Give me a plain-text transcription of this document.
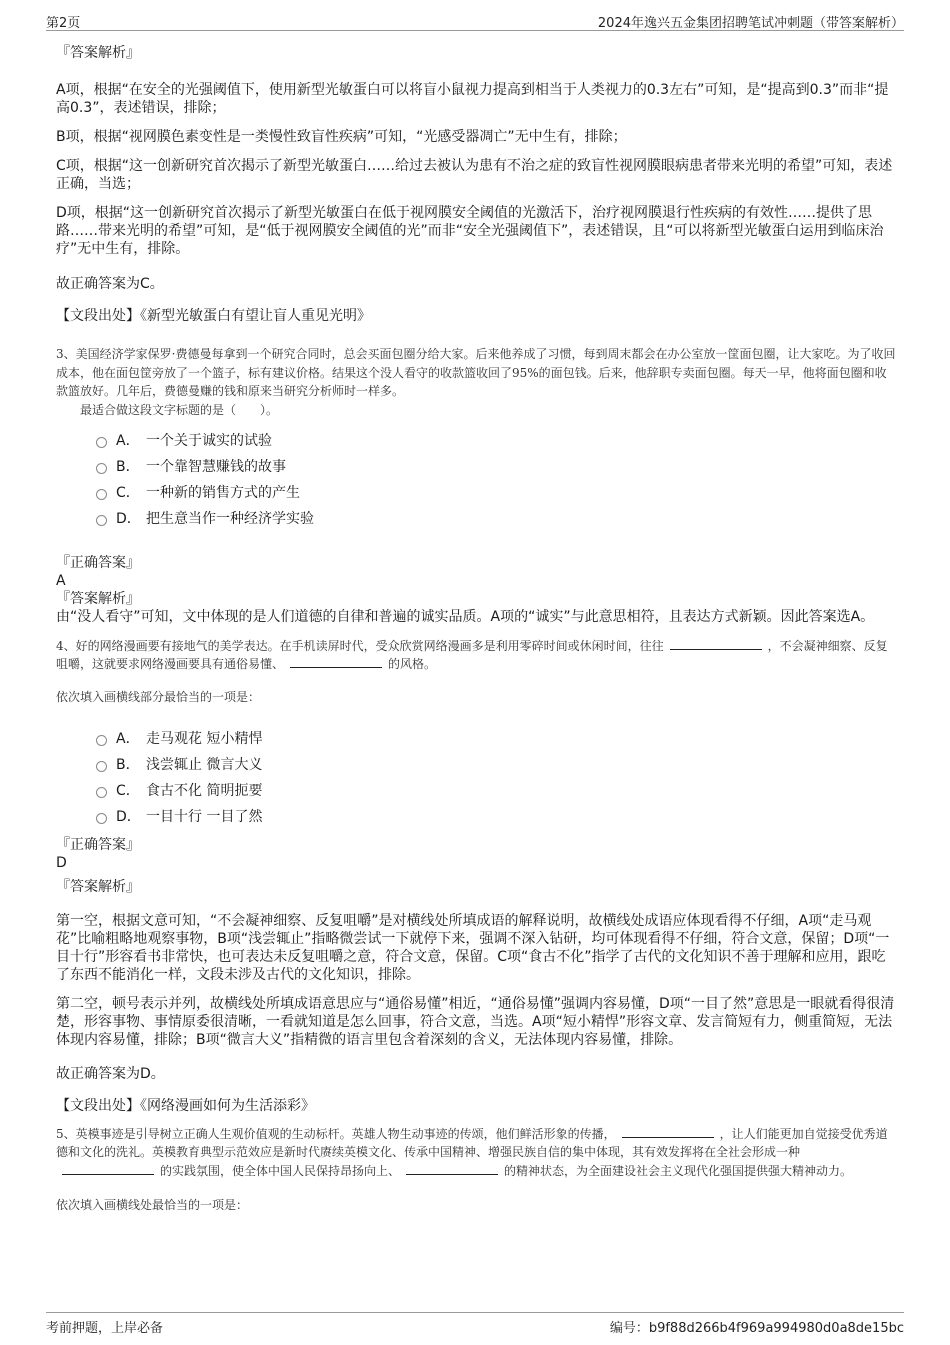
第2页	2024年逸兴五金集团招聘笔试冲刺题（带答案解析）

『答案解析』

A项，根据“在安全的光强阈值下，使用新型光敏蛋白可以将盲小鼠视力提高到相当于人类视力的0.3左右”可知，是“提高到0.3”而非“提高0.3”，表述错误，排除；

B项，根据“视网膜色素变性是一类慢性致盲性疾病”可知，“光感受器凋亡”无中生有，排除；

C项，根据“这一创新研究首次揭示了新型光敏蛋白……给过去被认为患有不治之症的致盲性视网膜眼病患者带来光明的希望”可知，表述正确，当选；

D项，根据“这一创新研究首次揭示了新型光敏蛋白在低于视网膜安全阈值的光激活下，治疗视网膜退行性疾病的有效性……提供了思路……带来光明的希望”可知，是“低于视网膜安全阈值的光”而非“安全光强阈值下”，表述错误，且“可以将新型光敏蛋白运用到临床治疗”无中生有，排除。

故正确答案为C。

【文段出处】《新型光敏蛋白有望让盲人重见光明》

3、美国经济学家保罗·费德曼每拿到一个研究合同时，总会买面包圈分给大家。后来他养成了习惯，每到周末都会在办公室放一筐面包圈，让大家吃。为了收回成本，他在面包筐旁放了一个篮子，标有建议价格。结果这个没人看守的收款篮收回了95%的面包钱。后来，他辞职专卖面包圈。每天一早，他将面包圈和收款篮放好。几年后，费德曼赚的钱和原来当研究分析师时一样多。

最适合做这段文字标题的是（　　）。

A． 一个关于诚实的试验
B． 一个靠智慧赚钱的故事
C． 一种新的销售方式的产生
D． 把生意当作一种经济学实验

『正确答案』

A

『答案解析』

由“没人看守”可知，文中体现的是人们道德的自律和普遍的诚实品质。A项的“诚实”与此意思相符，且表达方式新颖。因此答案选A。

4、好的网络漫画要有接地气的美学表达。在手机读屏时代，受众欣赏网络漫画多是利用零碎时间或休闲时间，往往	，不会凝神细察、反复咀嚼，这就要求网络漫画要具有通俗易懂、	的风格。

依次填入画横线部分最恰当的一项是：

A． 走马观花 短小精悍
B． 浅尝辄止 微言大义
C． 食古不化 简明扼要
D． 一目十行 一目了然

『正确答案』

D

『答案解析』

第一空，根据文意可知，“不会凝神细察、反复咀嚼”是对横线处所填成语的解释说明，故横线处成语应体现看得不仔细，A项“走马观花”比喻粗略地观察事物，B项“浅尝辄止”指略微尝试一下就停下来，强调不深入钻研，均可体现看得不仔细，符合文意，保留；D项“一目十行”形容看书非常快，也可表达未反复咀嚼之意，符合文意，保留。C项“食古不化”指学了古代的文化知识不善于理解和应用，跟吃了东西不能消化一样，文段未涉及古代的文化知识，排除。

第二空，顿号表示并列，故横线处所填成语意思应与“通俗易懂”相近，“通俗易懂”强调内容易懂，D项“一目了然”意思是一眼就看得很清楚，形容事物、事情原委很清晰，一看就知道是怎么回事，符合文意，当选。A项“短小精悍”形容文章、发言简短有力，侧重简短，无法体现内容易懂，排除；B项“微言大义”指精微的语言里包含着深刻的含义，无法体现内容易懂，排除。

故正确答案为D。

【文段出处】《网络漫画如何为生活添彩》

5、英模事迹是引导树立正确人生观价值观的生动标杆。英雄人物生动事迹的传颂，他们鲜活形象的传播，	，让人们能更加自觉接受优秀道德和文化的洗礼。英模教育典型示范效应是新时代赓续英模文化、传承中国精神、增强民族自信的集中体现，其有效发挥将在全社会形成一种的实践氛围，使全体中国人民保持昂扬向上、	的精神状态，为全面建设社会主义现代化强国提供强大精神动力。

依次填入画横线处最恰当的一项是：

考前押题，上岸必备	编号：b9f88d266b4f969a994980d0a8de15bc
